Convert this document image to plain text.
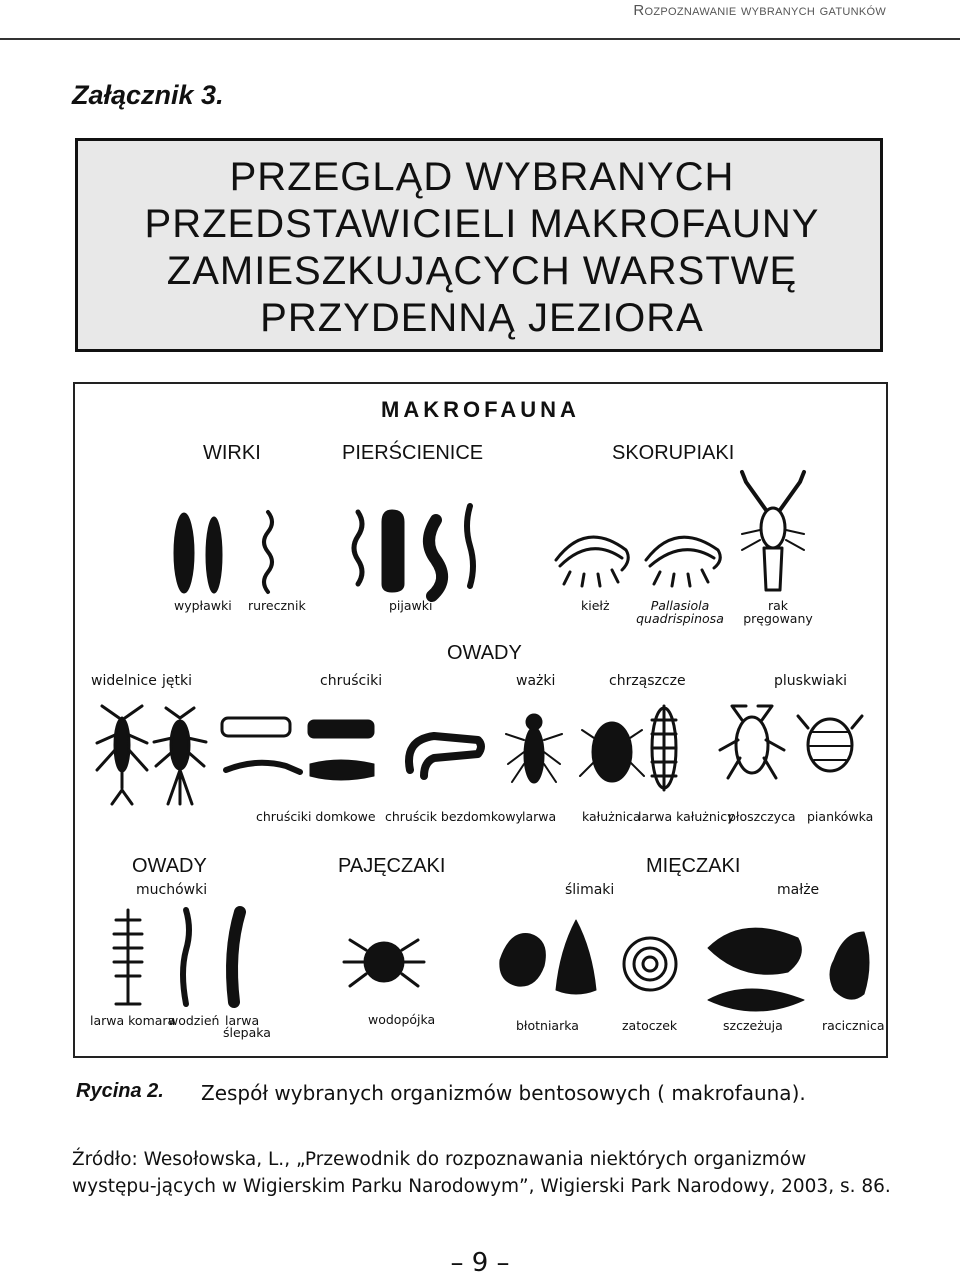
Rozpoznawanie wybranych gatunków
Załącznik 3.
PRZEGLĄD WYBRANYCH
PRZEDSTAWICIELI MAKROFAUNY
ZAMIESZKUJĄCYCH WARSTWĘ
PRZYDENNĄ JEZIORA
MAKROFAUNA
WIRKI	PIERŚCIENICE	SKORUPIAKI
wypławki rurecznik	pijawki	kiełż	Pallasiola
quadrispinosa
rak
pręgowany
OWADY
widelnice jętki	chruściki	ważki	chrząszcze	pluskwiaki
chruściki domkowe chruścik bezdomkowy larwa kałużnica
larwa kałużnicy
płoszczyca piankówka
OWADY	PAJĘCZAKI	MIĘCZAKI
muchówki	ślimaki	małże
larwa komara
wodzień larwa
ślepaka
wodopójka	błotniarka	zatoczek	szczeżuja	racicznica
Rycina 2. Zespół wybranych organizmów bentosowych ( makrofauna).
Źródło: Wesołowska, L., „Przewodnik do rozpoznawania niektórych organizmów występu-jących w Wigierskim Parku Narodowym”, Wigierski Park Narodowy, 2003, s. 86.
– 9 –
